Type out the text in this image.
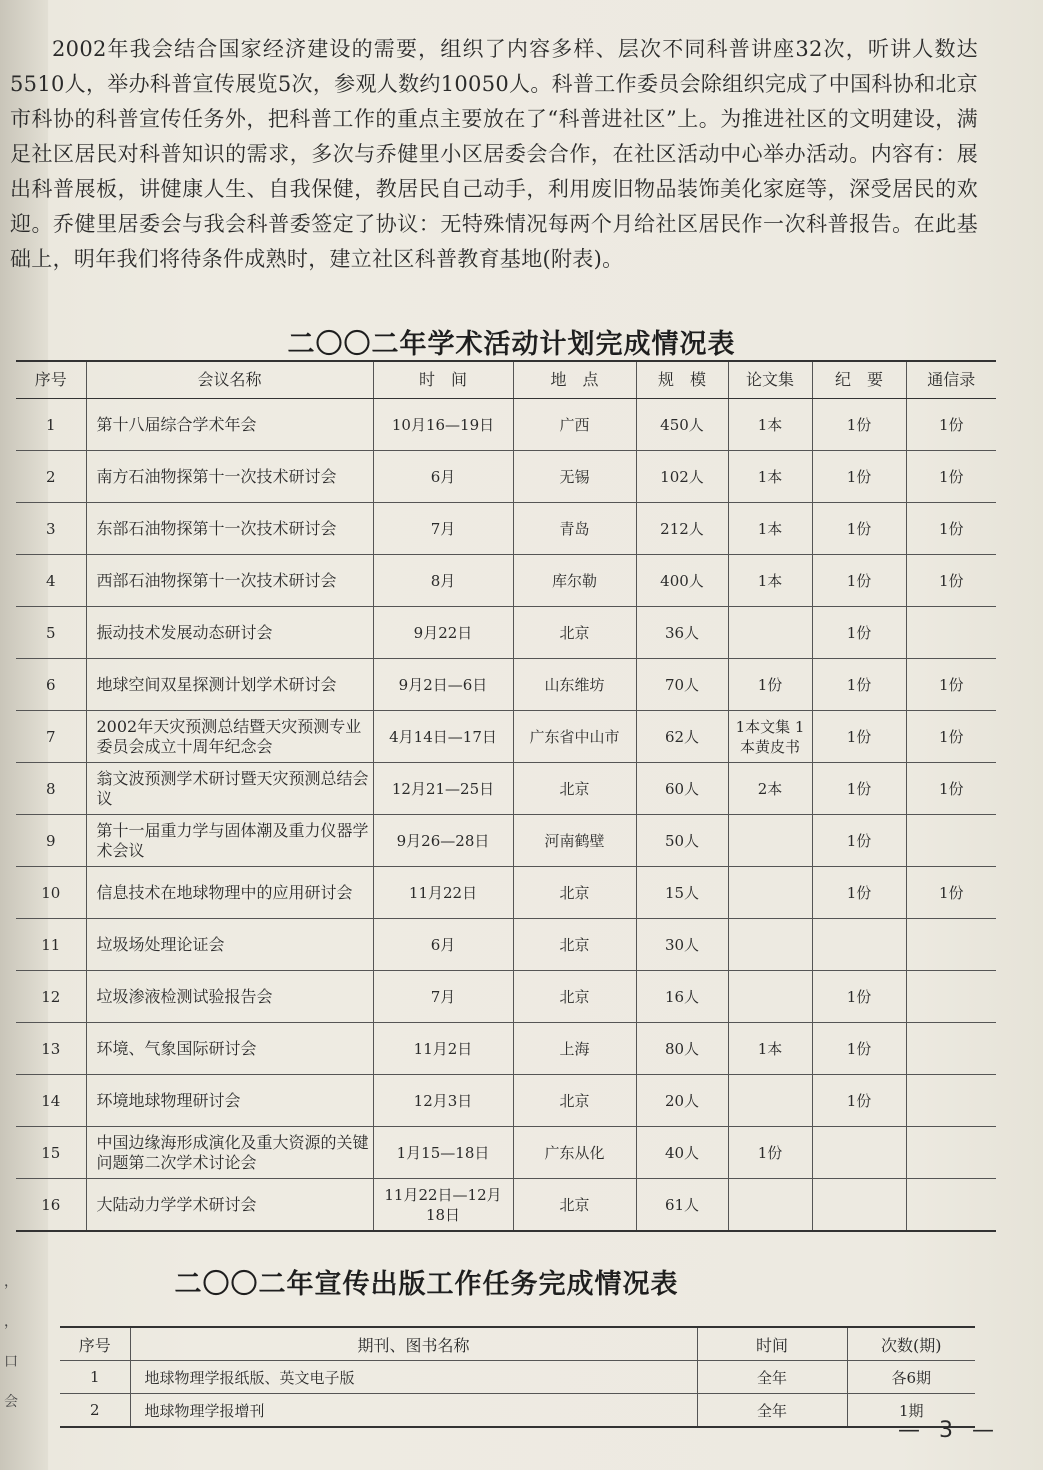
，
，
口
会

2002年我会结合国家经济建设的需要，组织了内容多样、层次不同科普讲座32次，听讲人数达5510人，举办科普宣传展览5次，参观人数约10050人。科普工作委员会除组织完成了中国科协和北京市科协的科普宣传任务外，把科普工作的重点主要放在了“科普进社区”上。为推进社区的文明建设，满足社区居民对科普知识的需求，多次与乔健里小区居委会合作，在社区活动中心举办活动。内容有：展出科普展板，讲健康人生、自我保健，教居民自己动手，利用废旧物品装饰美化家庭等，深受居民的欢迎。乔健里居委会与我会科普委签定了协议：无特殊情况每两个月给社区居民作一次科普报告。在此基础上，明年我们将待条件成熟时，建立社区科普教育基地(附表)。

二〇〇二年学术活动计划完成情况表
序号	会议名称	时　间	地　点	规　模	论文集	纪　要	通信录
1	第十八届综合学术年会	10月16—19日	广西	450人	1本	1份	1份
2	南方石油物探第十一次技术研讨会	6月	无锡	102人	1本	1份	1份
3	东部石油物探第十一次技术研讨会	7月	青岛	212人	1本	1份	1份
4	西部石油物探第十一次技术研讨会	8月	库尔勒	400人	1本	1份	1份
5	振动技术发展动态研讨会	9月22日	北京	36人		1份	
6	地球空间双星探测计划学术研讨会	9月2日—6日	山东维坊	70人	1份	1份	1份
7	2002年天灾预测总结暨天灾预测专业委员会成立十周年纪念会	4月14日—17日	广东省中山市	62人	1本文集 1本黄皮书	1份	1份
8	翁文波预测学术研讨暨天灾预测总结会议	12月21—25日	北京	60人	2本	1份	1份
9	第十一届重力学与固体潮及重力仪器学术会议	9月26—28日	河南鹤壁	50人		1份	
10	信息技术在地球物理中的应用研讨会	11月22日	北京	15人		1份	1份
11	垃圾场处理论证会	6月	北京	30人			
12	垃圾渗液检测试验报告会	7月	北京	16人		1份	
13	环境、气象国际研讨会	11月2日	上海	80人	1本	1份	
14	环境地球物理研讨会	12月3日	北京	20人		1份	
15	中国边缘海形成演化及重大资源的关键问题第二次学术讨论会	1月15—18日	广东从化	40人	1份		
16	大陆动力学学术研讨会	11月22日—12月18日	北京	61人			
二〇〇二年宣传出版工作任务完成情况表
序号	期刊、图书名称	时间	次数(期)
1	地球物理学报纸版、英文电子版	全年	各6期
2	地球物理学报增刊	全年	1期
— 3 —
